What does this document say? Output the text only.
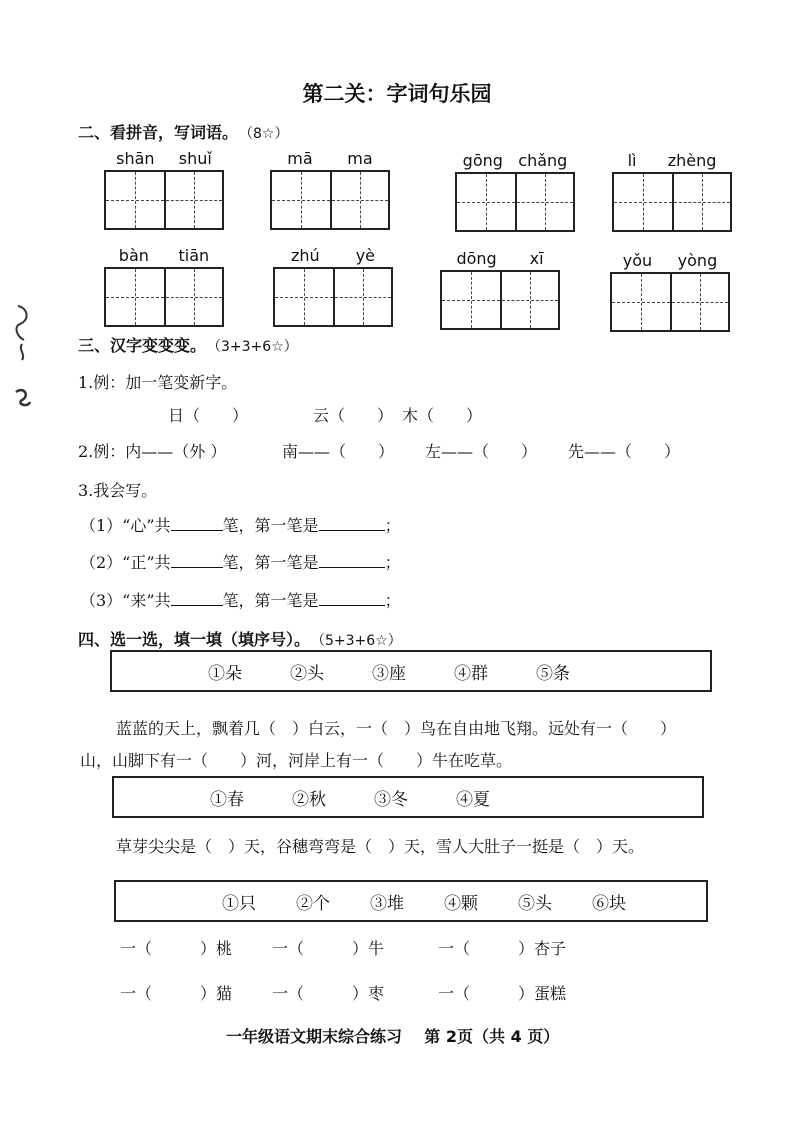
第二关：字词句乐园
二、看拼音，写词语。 （8☆）
shān shuǐ	mā ma	gōng chǎng	lì zhèng
bàn tiān	zhú yè	dōng xī	yǒu yòng
三、汉字变变变。 （3+3+6☆）
1.例：加一笔变新字。
日（　　）	云（　　） 木（　　）
2.例：内——（外 ）	南——（　　） 左——（　　） 先——（　　）
3.我会写。
（1）“心”共	笔，第一笔是	；
（2）“正”共	笔，第一笔是	；
（3）“来”共	笔，第一笔是	；
四、选一选，填一填（填序号）。 （5+3+6☆）
①朵	②头	③座	④群	⑤条
蓝蓝的天上，飘着几（　）白云，一（　）鸟在自由地飞翔。远处有一（　　）
山，山脚下有一（　　）河，河岸上有一（　　）牛在吃草。
①春	②秋	③冬	④夏
草芽尖尖是（　）天，谷穗弯弯是（　）天，雪人大肚子一挺是（　）天。
①只 ②个 ③堆 ④颗 ⑤头 ⑥块
一（　　　）桃 一（　　　）牛	一（　　　）杏子
一（　　　）猫 一（　　　）枣	一（　　　）蛋糕
一年级语文期末综合练习 第 2页（共 4 页）
